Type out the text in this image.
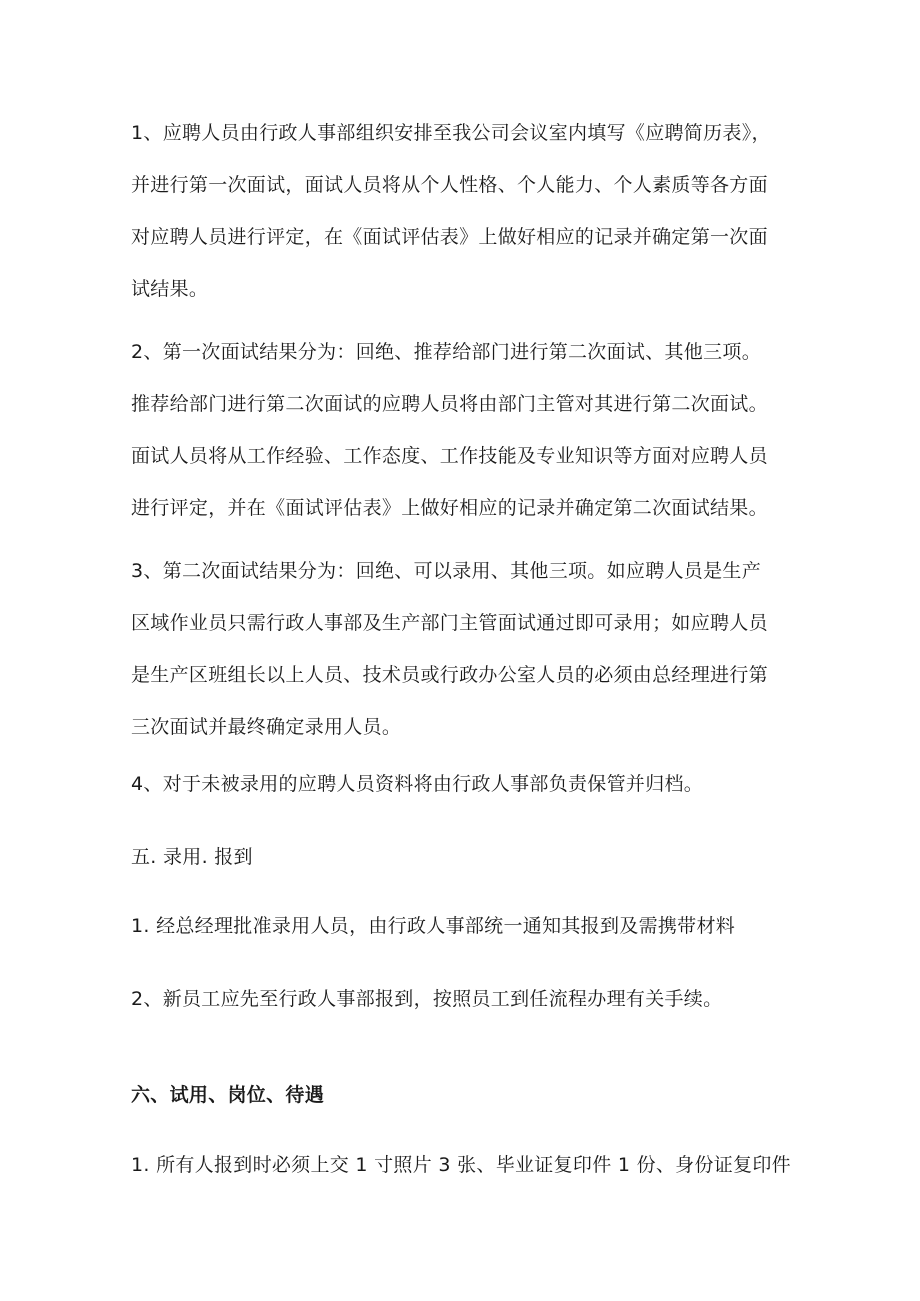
1、应聘人员由行政人事部组织安排至我公司会议室内填写《应聘简历表》，
并进行第一次面试，面试人员将从个人性格、个人能力、个人素质等各方面
对应聘人员进行评定，在《面试评估表》上做好相应的记录并确定第一次面
试结果。
2、第一次面试结果分为：回绝、推荐给部门进行第二次面试、其他三项。
推荐给部门进行第二次面试的应聘人员将由部门主管对其进行第二次面试。
面试人员将从工作经验、工作态度、工作技能及专业知识等方面对应聘人员
进行评定，并在《面试评估表》上做好相应的记录并确定第二次面试结果。
3、第二次面试结果分为：回绝、可以录用、其他三项。如应聘人员是生产
区域作业员只需行政人事部及生产部门主管面试通过即可录用；如应聘人员
是生产区班组长以上人员、技术员或行政办公室人员的必须由总经理进行第
三次面试并最终确定录用人员。
4、对于未被录用的应聘人员资料将由行政人事部负责保管并归档。
五. 录用. 报到
1. 经总经理批准录用人员，由行政人事部统一通知其报到及需携带材料
2、新员工应先至行政人事部报到，按照员工到任流程办理有关手续。
六、试用、岗位、待遇
1. 所有人报到时必须上交 1 寸照片 3 张、毕业证复印件 1 份、身份证复印件
